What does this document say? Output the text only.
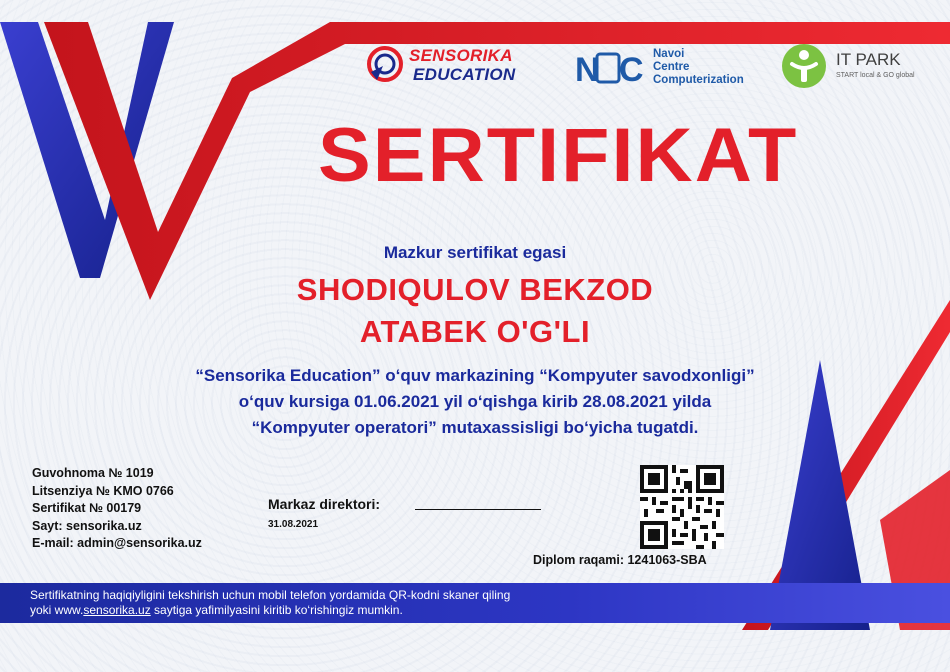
SENSORIKA
EDUCATION N C Navoi
Centre
Computerization
IT PARK
START local & GO global
SERTIFIKAT
Mazkur sertifikat egasi
SHODIQULOV BEKZOD
ATABEK O'G'LI
“Sensorika Education” o‘quv markazining “Kompyuter savodxonligi”
o‘quv kursiga 01.06.2021 yil o‘qishga kirib 28.08.2021 yilda
“Kompyuter operatori” mutaxassisligi bo‘yicha tugatdi.
Guvohnoma № 1019
Litsenziya № KMO 0766
Sertifikat № 00179
Sayt: sensorika.uz
E-mail: admin@sensorika.uz
Markaz direktori:
31.08.2021
Diplom raqami: 1241063-SBA
Sertifikatning haqiqiyligini tekshirish uchun mobil telefon yordamida QR-kodni skaner qiling
yoki www.sensorika.uz saytiga yafimilyasini kiritib ko‘rishingiz mumkin.
